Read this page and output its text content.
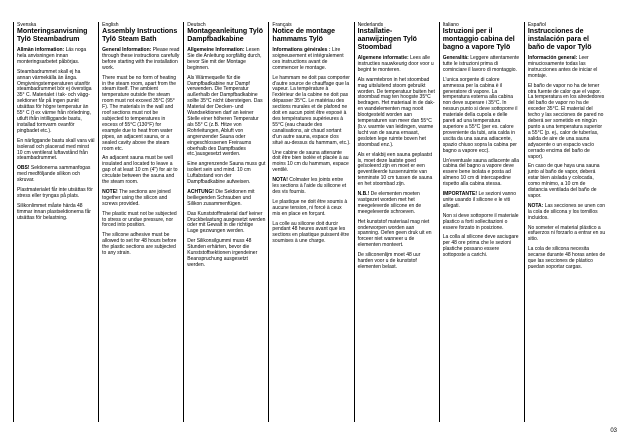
Svenska
Monteringsanvisning Tylö Steambadrum
Allmän information: Läs noga hela anvisningen innan monteringsarbetet påbörjas.
Steambadrummet skall ej ha annan värmekälla än ånga. Omgivningstemperaturen utanför steambadrummet bör ej överstiga 35° C. Materialet i tak- och vägg-sektioner får på ingen punkt utsättas för högre temperatur än 55° C (t ex värme från rörledning, utluft ifrån intilliggande bastu, installad tornvarm ovanför pingbadet etc.).
En närliggande bastu skall vara väl isolerad och placerad med minst 10 cm ventilerat luftavstånd från steambadrummet.
OBS! Sektionerna sammanfogas med medföljande silikon och skruvar.
Plastmaterialet får inte utsättas för stress eller tryngas på plats.
Silikonlimmet måste härda 48 timmar innan plastsektionerna får utsättas för belastning.
English
Assembly Instructions Tylö Steam Bath
General Information: Please read through these instructions carefully before starting with the installation work.
There must be no form of heating in the steam room, apart from the steam itself. The ambient temperature outside the steam room must not exceed 35°C (95° F). The materials in the wall and roof sections must not be subjected to temperatures in excess of 55°C (130°F) for example due to heat from water pipes, an adjacent sauna, or a sealed cavity above the steam room etc.
An adjacent sauna must be well insulated and located to leave a gap of at least 10 cm (4") for air to circulate between the sauna and the steam room.
NOTE! The sections are joined together using the silicon and screws provided.
The plastic must not be subjected to stress or undue pressure, nor forced into position.
The silicone adhesive must be allowed to set for 48 hours before the plastic sections are subjected to any strain.
Deutsch
Montageanleitung Tylö Dampfbadkabine
Allgemeine Information: Lesen Sie die Anleitung sorgfältig durch, bevor Sie mit der Montage beginnen.
Als Wärmequelle für die Dampfbadkabine nur Dampf verwenden. Die Temperatur außerhalb der Dampfbadkabine sollte 35°C nicht übersteigen. Das Material der Decken- und Wandsektionen darf an keiner Stelle einer höheren Temperatur als 55° C (z.B. Hitze von Rohrleitungen, Abluft von angrenzender Sauna oder eingeschlossenen Freiraums oberhalb des Dampfbades etc.)ausgesetzt werden.
Eine angrenzende Sauna muss gut isoliert sein und mind. 10 cm Luftabstand von der Dampfbadkabine aufweisen.
ACHTUNG! Die Sektionen mit beiliegenden Schrauben und Silikon zusammenfügen.
Das Kunststoffmaterial darf keiner Druckbelastung ausgesetzt werden oder mit Gewalt in die richtige Lage gezwungen werden.
Der Silikonsilgummi muss 48 Stunden erhärten, bevor die Kunststoffsektionen irgendeiner Beanspruchung ausgesetzt werden.
Français
Notice de montage hammams Tylö
Informations générales : Lire soigneusement et intégralement ces instructions avant de commencer le montage.
Le hammam ne doit pas comporter d'autre source de chauffage que la vapeur. La température à l'extérieur de la cabine ne doit pas dépasser 35°C. Le matériau des sections murales et de plafond ne doit en aucun point être exposé à des températures supérieures à 55°C (eau chaude des canalisations, air chaud sortant d'un autre sauna, espace clos situé au-dessus du hammam, etc.).
Une cabine de sauna attenante doit être bien isolée et placée à au moins 10 cm du hammam, espace ventilé.
NOTA! Colmater les joints entre les sections à l'aide du silicone et des vis fournis.
Le plastique ne doit être soumis à aucune tension, ni forcé à ceux mis en place en forçant.
La colle au silicone doit durcir pendant 48 heures avant que les sections en plastique puissent être soumises à une charge.
Nederlands
Installatie-aanwijzingen Tylö Stoombad
Algemene informatie: Lees alle instructies nauwkeurig door voor u begint te monteren.
Als warmtebron in het stoombad mag uitsluitend stoom gebruikt worden. De temperatuur buiten het stoombad mag ten hoogste 35°C bedragen. Het materiaal in de dak- en wandelementen mag nooit blootgesteld worden aan temperaturen van meer dan 55°C (b.v. warmte van leidingen, warme lucht van de sauna ernaast, gesloten lege ruimte boven het stoombad enz.).
Als er vlakbij een sauna geplaatst is, moet deze laatste goed geïsoleerd zijn en moet er een geventileerde tussenruimte van tenminste 10 cm tussen de sauna en het stoombad zijn.
N.B.! De elementen moeten vastgezet worden met het meegeleverde silicone en de meegeleverde schroeven.
Het kunststof materiaal mag niet onderworpen worden aan spanning. Oefen geen druk uit en forceer niet wanneer u de elementen monteert.
De siliconenlijm moet 48 uur harden voor u de kunststof elementen belast.
Italiano
Istruzioni per il montaggio cabina del bagno a vapore Tylö
Generalità: Leggere attentamente tutte le istruzioni prima di cominciare il lavoro di montaggio.
L'unica sorgente di calore ammessa per la cabina è il generatore di vapore. La temperatura esterna alla cabina non deve superare i 35°C. In nessun punto si deve sottoporre il materiale della cupola e delle pareti ad una temperatura superiore a 55°C (per es. calore proveniente da tubi, aria calda in uscita da una sauna adiacente, spazio chiuso sopra la cabina per bagno a vapore ecc).
Un'eventuale sauna adiacente alla cabina del bagno a vapore deve essere bene isolata e posta ad almeno 10 cm di intercapedine rispetto alla cabina stessa.
IMPORTANTE! Le sezioni vanno unite usando il silicone e le viti allegati.
Non si deve sottoporre il materiale plastico a forti sollecitazioni o essere forzato in posizione.
La colla al silicone deve asciugare per 48 ore prima che le sezioni plastiche possano essere sottoposte a carichi.
Español
Instrucciones de instalación para el baño de vapor Tylö
Información general: Leer minuciosamente todas las instrucciones antes de iniciar el montaje.
El baño de vapor no ha de tener otra fuente de calor que el vapor. La temperatura en los alrededores del baño de vapor no ha de exceder 35°C. El material del techo y las secciones de pared no deberá ser sometido en ningún punto a una temperatura superior a 55°C (p. ej., calor de tuberías, salida de aire de una sauna adyacente o un espacio vacío cerrado encima del baño de vapor).
En caso de que haya una sauna junto al baño de vapor, deberá estar bien aislada y colocada, como mínimo, a 10 cm de distancia ventilada del baño de vapor.
NOTA: Las secciones se unen con la cola de silicona y los tornillos incluidos.
No someter el material plástico a esfuerzos ni forzarlo a entrar en su sitio.
La cola de silicona necesita secarse durante 48 horas antes de que las secciones de plástico puedan soportar cargas.
03
